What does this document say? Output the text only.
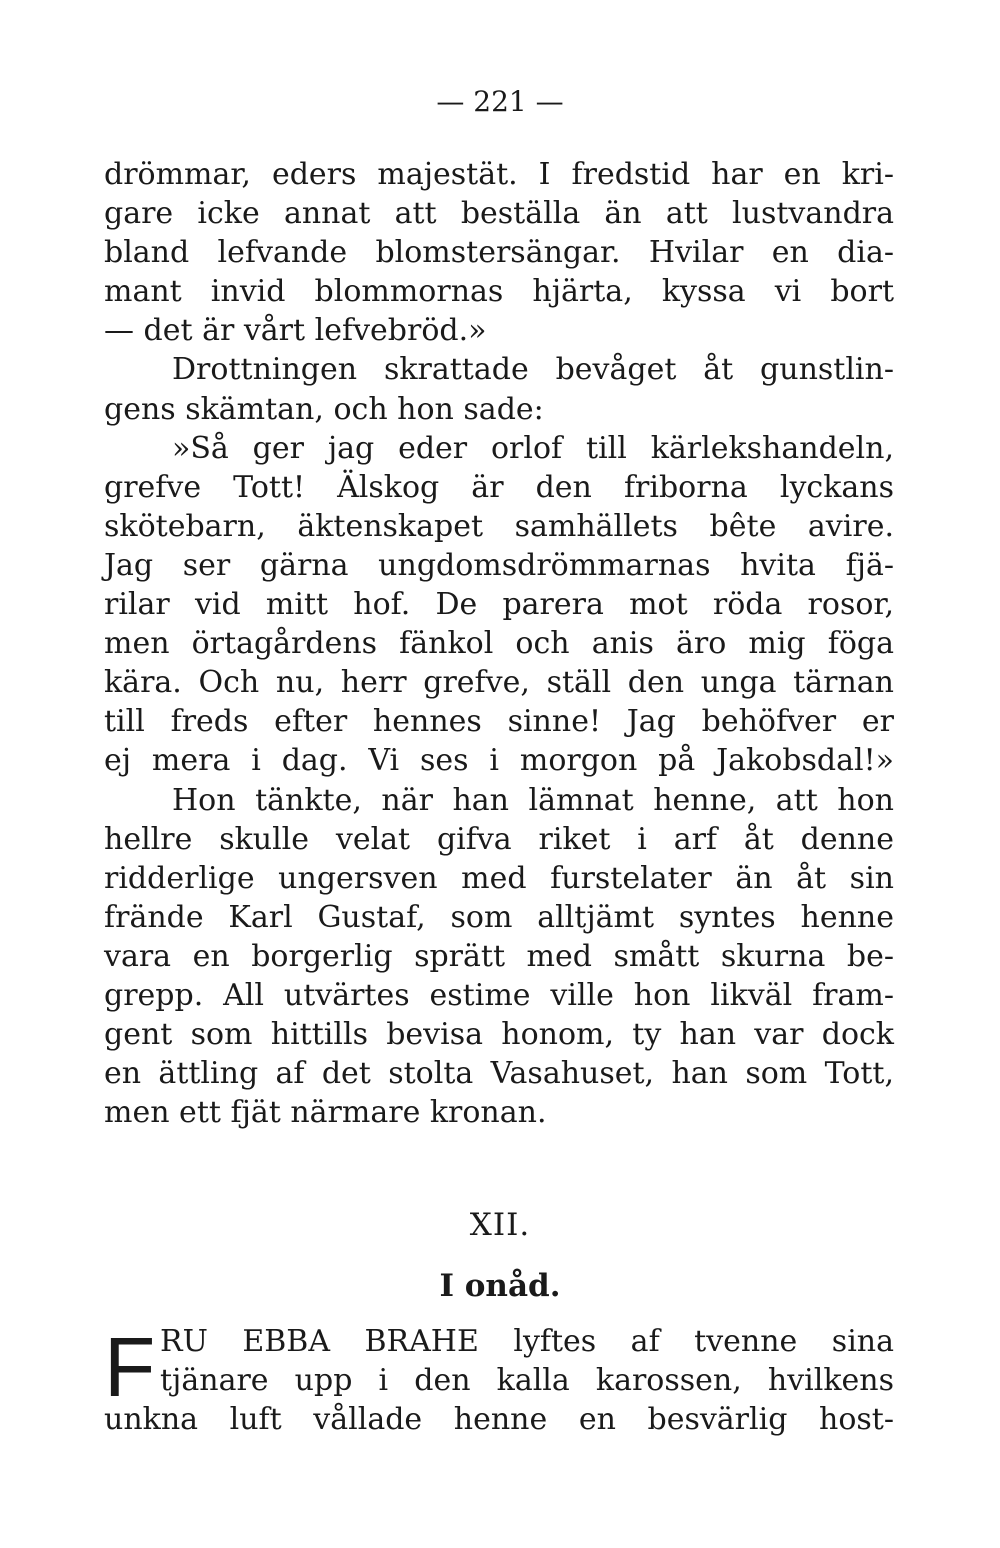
— 221 —
drömmar, eders majestät. I fredstid har en kri-
gare icke annat att beställa än att lustvandra
bland lefvande blomstersängar. Hvilar en dia-
mant invid blommornas hjärta, kyssa vi bort
— det är vårt lefvebröd.»
Drottningen skrattade bevåget åt gunstlin-
gens skämtan, och hon sade:
»Så ger jag eder orlof till kärlekshandeln,
grefve Tott! Älskog är den friborna lyckans
skötebarn, äktenskapet samhällets bête avire.
Jag ser gärna ungdomsdrömmarnas hvita fjä-
rilar vid mitt hof. De parera mot röda rosor,
men örtagårdens fänkol och anis äro mig föga
kära. Och nu, herr grefve, ställ den unga tärnan
till freds efter hennes sinne! Jag behöfver er
ej mera i dag. Vi ses i morgon på Jakobsdal!»
Hon tänkte, när han lämnat henne, att hon
hellre skulle velat gifva riket i arf åt denne
ridderlige ungersven med furstelater än åt sin
frände Karl Gustaf, som alltjämt syntes henne
vara en borgerlig sprätt med smått skurna be-
grepp. All utvärtes estime ville hon likväl fram-
gent som hittills bevisa honom, ty han var dock
en ättling af det stolta Vasahuset, han som Tott,
men ett fjät närmare kronan.
XII.
I onåd.
F RU EBBA BRAHE lyftes af tvenne sina
tjänare upp i den kalla karossen, hvilkens
unkna luft vållade henne en besvärlig host-
